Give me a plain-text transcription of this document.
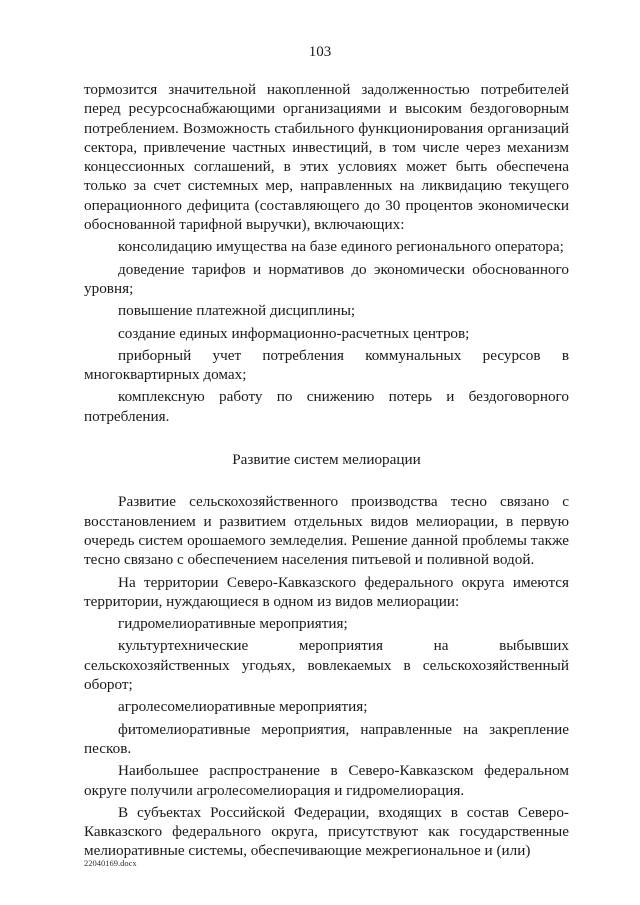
103

тормозится значительной накопленной задолженностью потребителей перед ресурсоснабжающими организациями и высоким бездоговорным потреблением. Возможность стабильного функционирования организаций сектора, привлечение частных инвестиций, в том числе через механизм концессионных соглашений, в этих условиях может быть обеспечена только за счет системных мер, направленных на ликвидацию текущего операционного дефицита (составляющего до 30 процентов экономически обоснованной тарифной выручки), включающих:

консолидацию имущества на базе единого регионального оператора;

доведение тарифов и нормативов до экономически обоснованного уровня;

повышение платежной дисциплины;

создание единых информационно-расчетных центров;

приборный учет потребления коммунальных ресурсов в многоквартирных домах;

комплексную работу по снижению потерь и бездоговорного потребления.

Развитие систем мелиорации

Развитие сельскохозяйственного производства тесно связано с восстановлением и развитием отдельных видов мелиорации, в первую очередь систем орошаемого земледелия. Решение данной проблемы также тесно связано с обеспечением населения питьевой и поливной водой.

На территории Северо-Кавказского федерального округа имеются территории, нуждающиеся в одном из видов мелиорации:

гидромелиоративные мероприятия;

культуртехнические мероприятия на выбывших сельскохозяйственных угодьях, вовлекаемых в сельскохозяйственный оборот;

агролесомелиоративные мероприятия;

фитомелиоративные мероприятия, направленные на закрепление песков.

Наибольшее распространение в Северо-Кавказском федеральном округе получили агролесомелиорация и гидромелиорация.

В субъектах Российской Федерации, входящих в состав Северо-Кавказского федерального округа, присутствуют как государственные мелиоративные системы, обеспечивающие межрегиональное и (или)

22040169.docx
